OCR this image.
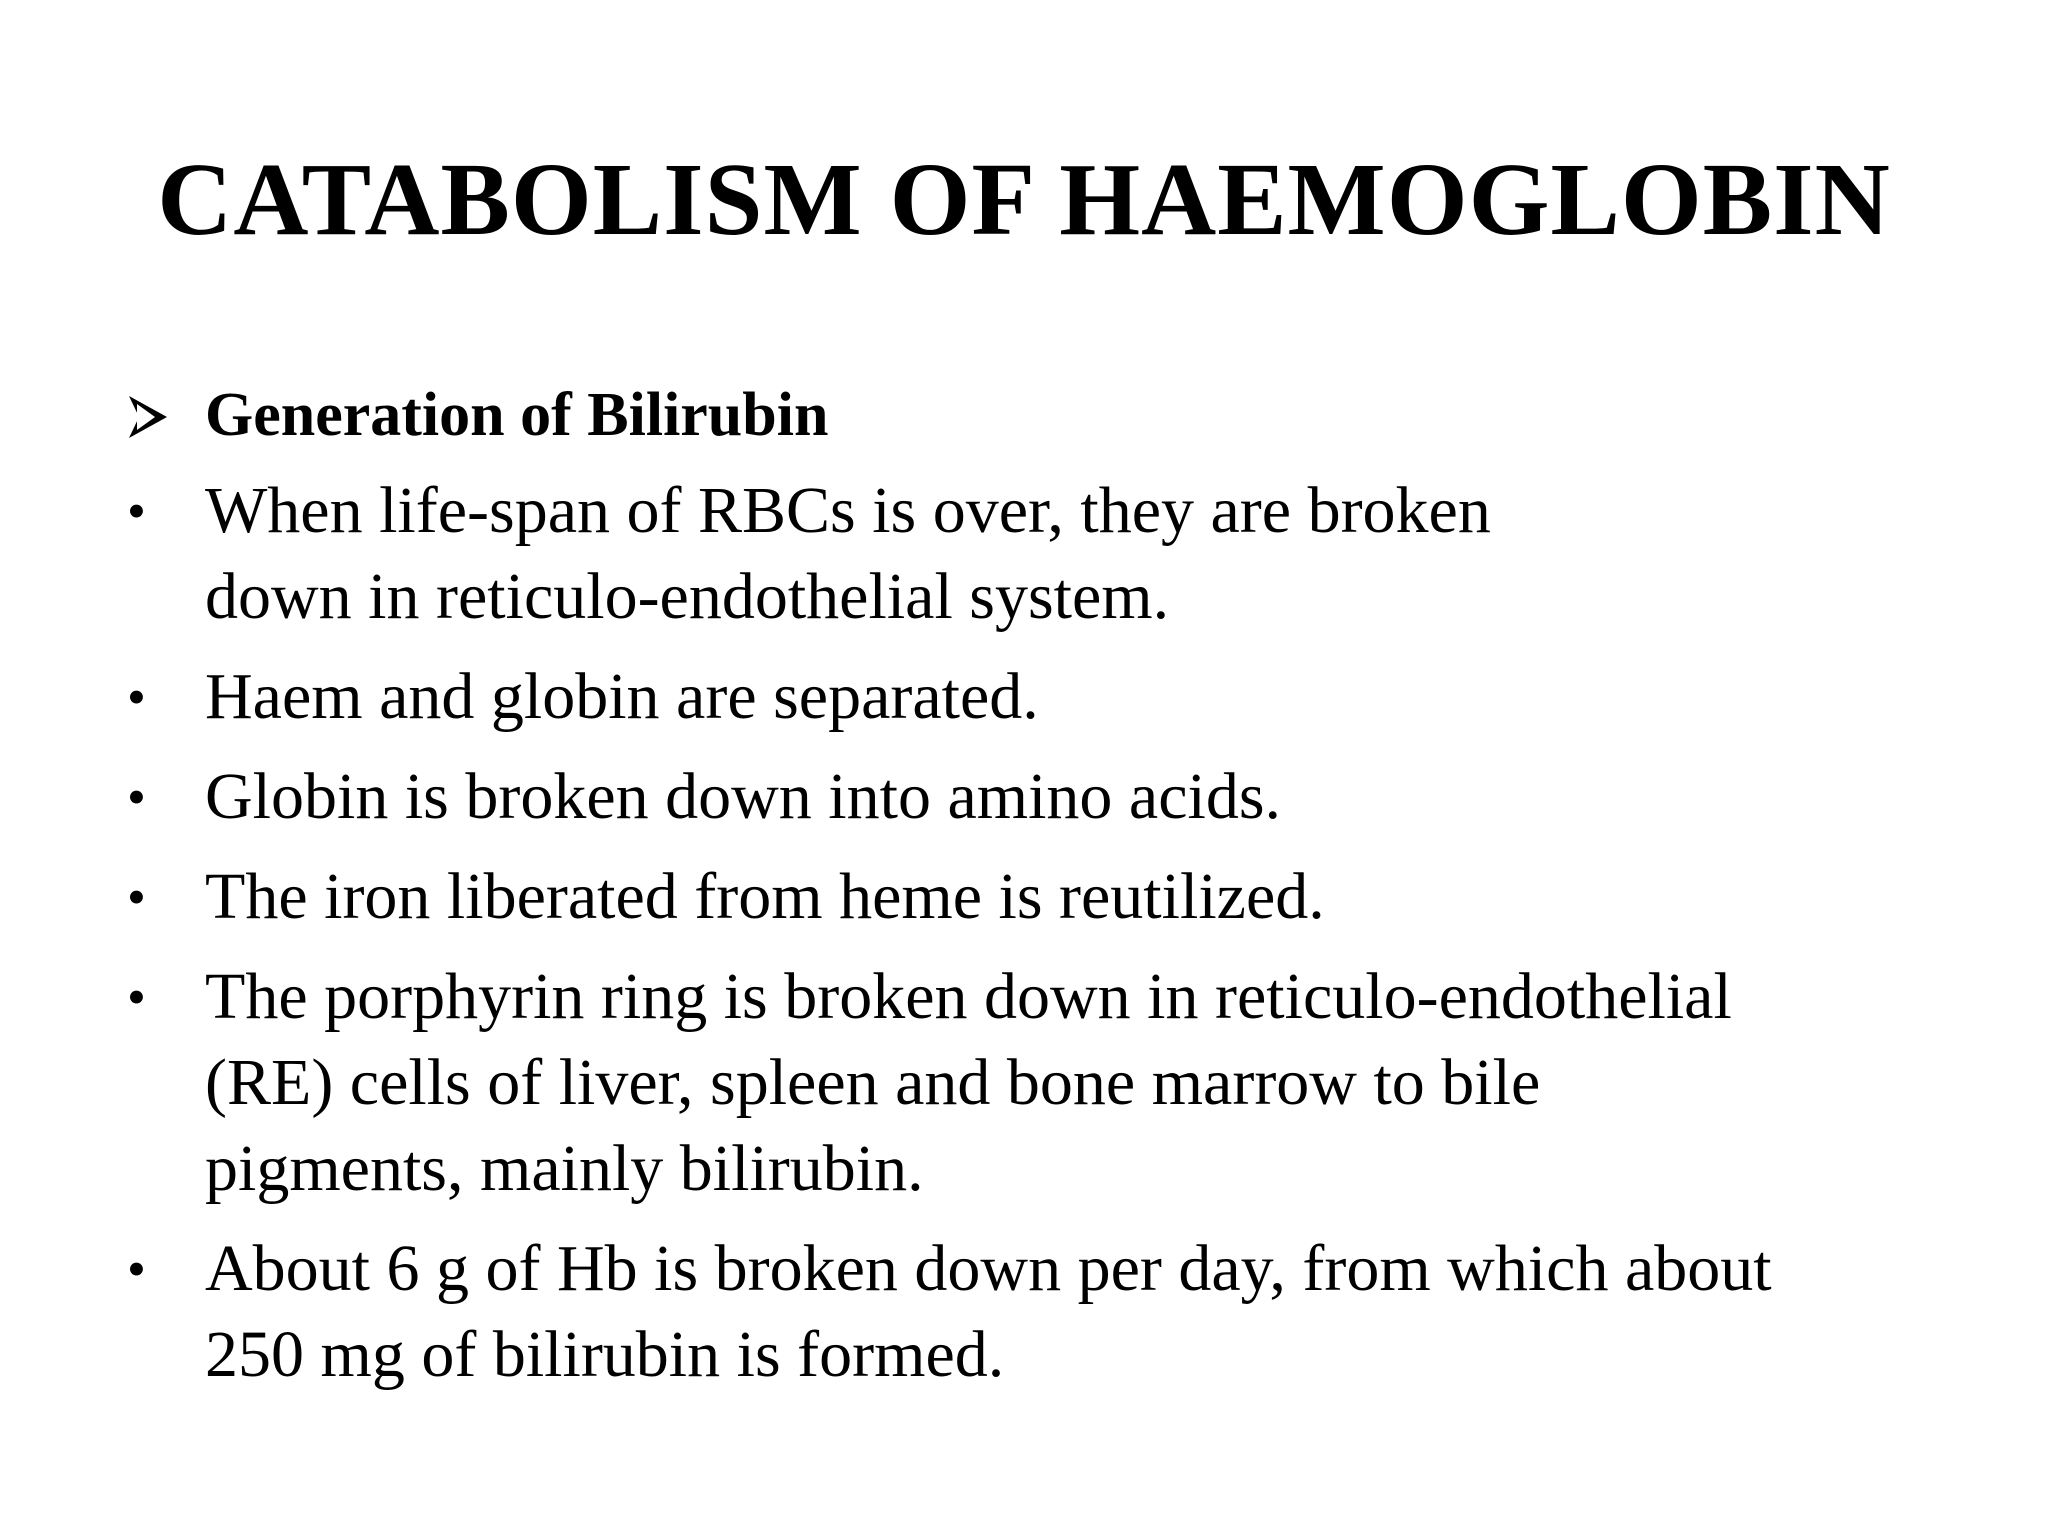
CATABOLISM OF HAEMOGLOBIN
Generation of Bilirubin
• When life-span of RBCs is over, they are broken
down in reticulo-endothelial system.
• Haem and globin are separated.
• Globin is broken down into amino acids.
• The iron liberated from heme is reutilized.
• The porphyrin ring is broken down in reticulo-endothelial
(RE) cells of liver, spleen and bone marrow to bile
pigments, mainly bilirubin.
• About 6 g of Hb is broken down per day, from which about
250 mg of bilirubin is formed.
